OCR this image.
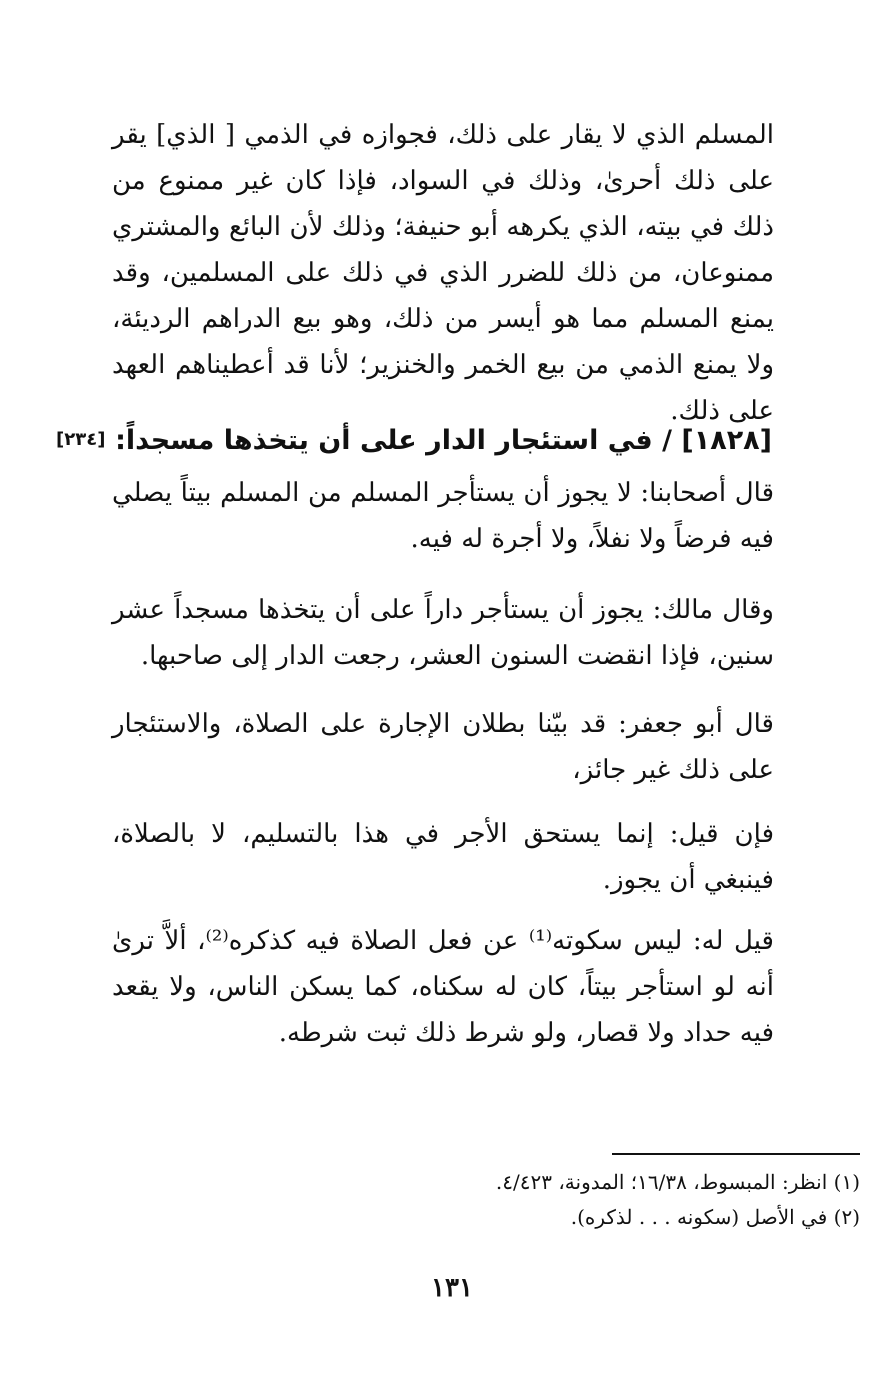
المسلم الذي لا يقار على ذلك، فجوازه في الذمي [ الذي] يقر على ذلك أحرىٰ، وذلك في السواد، فإذا كان غير ممنوع من ذلك في بيته، الذي يكرهه أبو حنيفة؛ وذلك لأن البائع والمشتري ممنوعان، من ذلك للضرر الذي في ذلك على المسلمين، وقد يمنع المسلم مما هو أيسر من ذلك، وهو بيع الدراهم الرديئة، ولا يمنع الذمي من بيع الخمر والخنزير؛ لأنا قد أعطيناهم العهد على ذلك.

[١٨٢٨] / في استئجار الدار على أن يتخذها مسجداً:
[٢٣٤]

قال أصحابنا: لا يجوز أن يستأجر المسلم من المسلم بيتاً يصلي فيه فرضاً ولا نفلاً، ولا أجرة له فيه.

وقال مالك: يجوز أن يستأجر داراً على أن يتخذها مسجداً عشر سنين، فإذا انقضت السنون العشر، رجعت الدار إلى صاحبها.

قال أبو جعفر: قد بيّنا بطلان الإجارة على الصلاة، والاستئجار على ذلك غير جائز،

فإن قيل: إنما يستحق الأجر في هذا بالتسليم، لا بالصلاة، فينبغي أن يجوز.

قيل له: ليس سكوته⁽¹⁾ عن فعل الصلاة فيه كذكره⁽²⁾، ألاَّ ترىٰ أنه لو استأجر بيتاً، كان له سكناه، كما يسكن الناس، ولا يقعد فيه حداد ولا قصار، ولو شرط ذلك ثبت شرطه.

(١) انظر: المبسوط، ١٦/٣٨؛ المدونة، ٤/٤٢٣.

(٢) في الأصل (سكونه . . . لذكره).

١٣١
